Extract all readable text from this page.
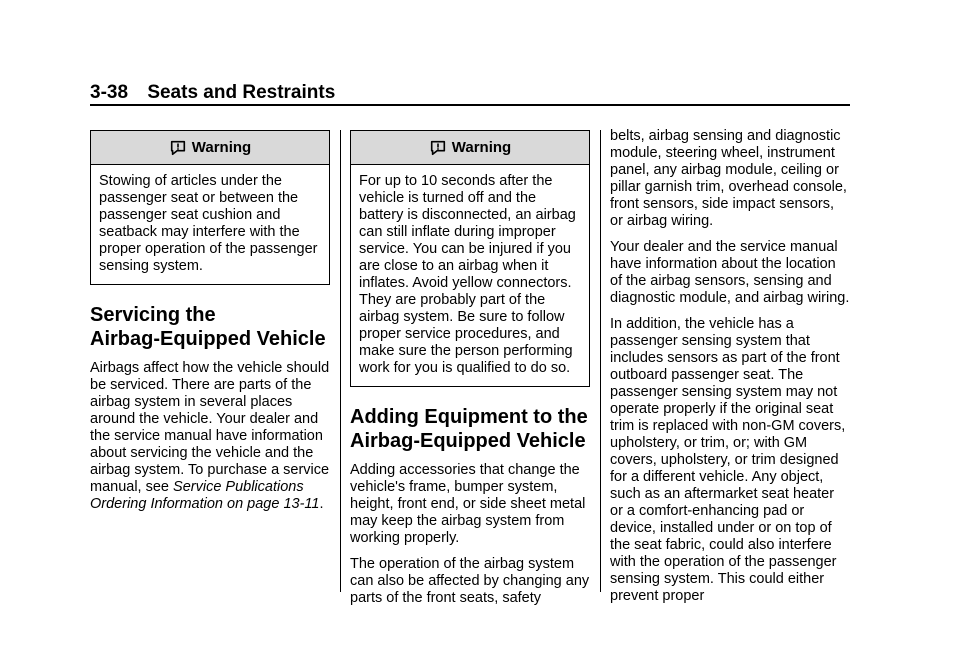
3-38 Seats and Restraints
Warning
Stowing of articles under the passenger seat or between the passenger seat cushion and seatback may interfere with the proper operation of the passenger sensing system.
Servicing the
Airbag-Equipped Vehicle

Airbags affect how the vehicle should be serviced. There are parts of the airbag system in several places around the vehicle. Your dealer and the service manual have information about servicing the vehicle and the airbag system. To purchase a service manual, see Service Publications Ordering Information on page 13-11.

Warning
For up to 10 seconds after the vehicle is turned off and the battery is disconnected, an airbag can still inflate during improper service. You can be injured if you are close to an airbag when it inflates. Avoid yellow connectors. They are probably part of the airbag system. Be sure to follow proper service procedures, and make sure the person performing work for you is qualified to do so.
Adding Equipment to the
Airbag-Equipped Vehicle

Adding accessories that change the vehicle's frame, bumper system, height, front end, or side sheet metal may keep the airbag system from working properly.

The operation of the airbag system can also be affected by changing any parts of the front seats, safety

belts, airbag sensing and diagnostic module, steering wheel, instrument panel, any airbag module, ceiling or pillar garnish trim, overhead console, front sensors, side impact sensors, or airbag wiring.

Your dealer and the service manual have information about the location of the airbag sensors, sensing and diagnostic module, and airbag wiring.

In addition, the vehicle has a passenger sensing system that includes sensors as part of the front outboard passenger seat. The passenger sensing system may not operate properly if the original seat trim is replaced with non-GM covers, upholstery, or trim, or; with GM covers, upholstery, or trim designed for a different vehicle. Any object, such as an aftermarket seat heater or a comfort-enhancing pad or device, installed under or on top of the seat fabric, could also interfere with the operation of the passenger sensing system. This could either prevent proper
